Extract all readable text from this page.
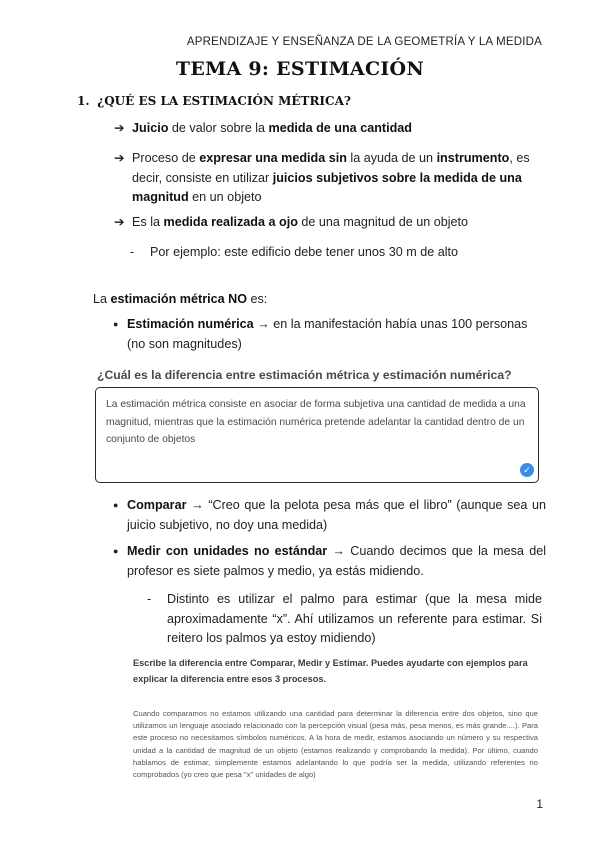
APRENDIZAJE Y ENSEÑANZA DE LA GEOMETRÍA Y LA MEDIDA
TEMA 9: ESTIMACIÓN
1. ¿QUÉ ES LA ESTIMACIÓN MÉTRICA?
➔ Juicio de valor sobre la medida de una cantidad
➔ Proceso de expresar una medida sin la ayuda de un instrumento, es decir, consiste en utilizar juicios subjetivos sobre la medida de una magnitud en un objeto
➔ Es la medida realizada a ojo de una magnitud de un objeto
- Por ejemplo: este edificio debe tener unos 30 m de alto
La estimación métrica NO es:
● Estimación numérica → en la manifestación había unas 100 personas (no son magnitudes)
¿Cuál es la diferencia entre estimación métrica y estimación numérica?
La estimación métrica consiste en asociar de forma subjetiva una cantidad de medida a una magnitud, mientras que la estimación numérica pretende adelantar la cantidad dentro de un conjunto de objetos
✓
● Comparar → “Creo que la pelota pesa más que el libro” (aunque sea un juicio subjetivo, no doy una medida)
● Medir con unidades no estándar → Cuando decimos que la mesa del profesor es siete palmos y medio, ya estás midiendo.
- Distinto es utilizar el palmo para estimar (que la mesa mide aproximadamente “x”. Ahí utilizamos un referente para estimar. Si reitero los palmos ya estoy midiendo)
Escribe la diferencia entre Comparar, Medir y Estimar. Puedes ayudarte con ejemplos para explicar la diferencia entre esos 3 procesos.
Cuando comparamos no estamos utilizando una cantidad para determinar la diferencia entre dos objetos, sino que utilizamos un lenguaje asociado relacionado con la percepción visual (pesa más, pesa menos, es más grande....). Para este proceso no necesitamos símbolos numéricos. A la hora de medir, estamos asociando un número y su respectiva unidad a la cantidad de magnitud de un objeto (estamos realizando y comprobando la medida). Por último, cuando hablamos de estimar, simplemente estamos adelantando lo que podría ser la medida, utilizando referentes no comprobados (yo creo que pesa "x" unidades de algo)
1
